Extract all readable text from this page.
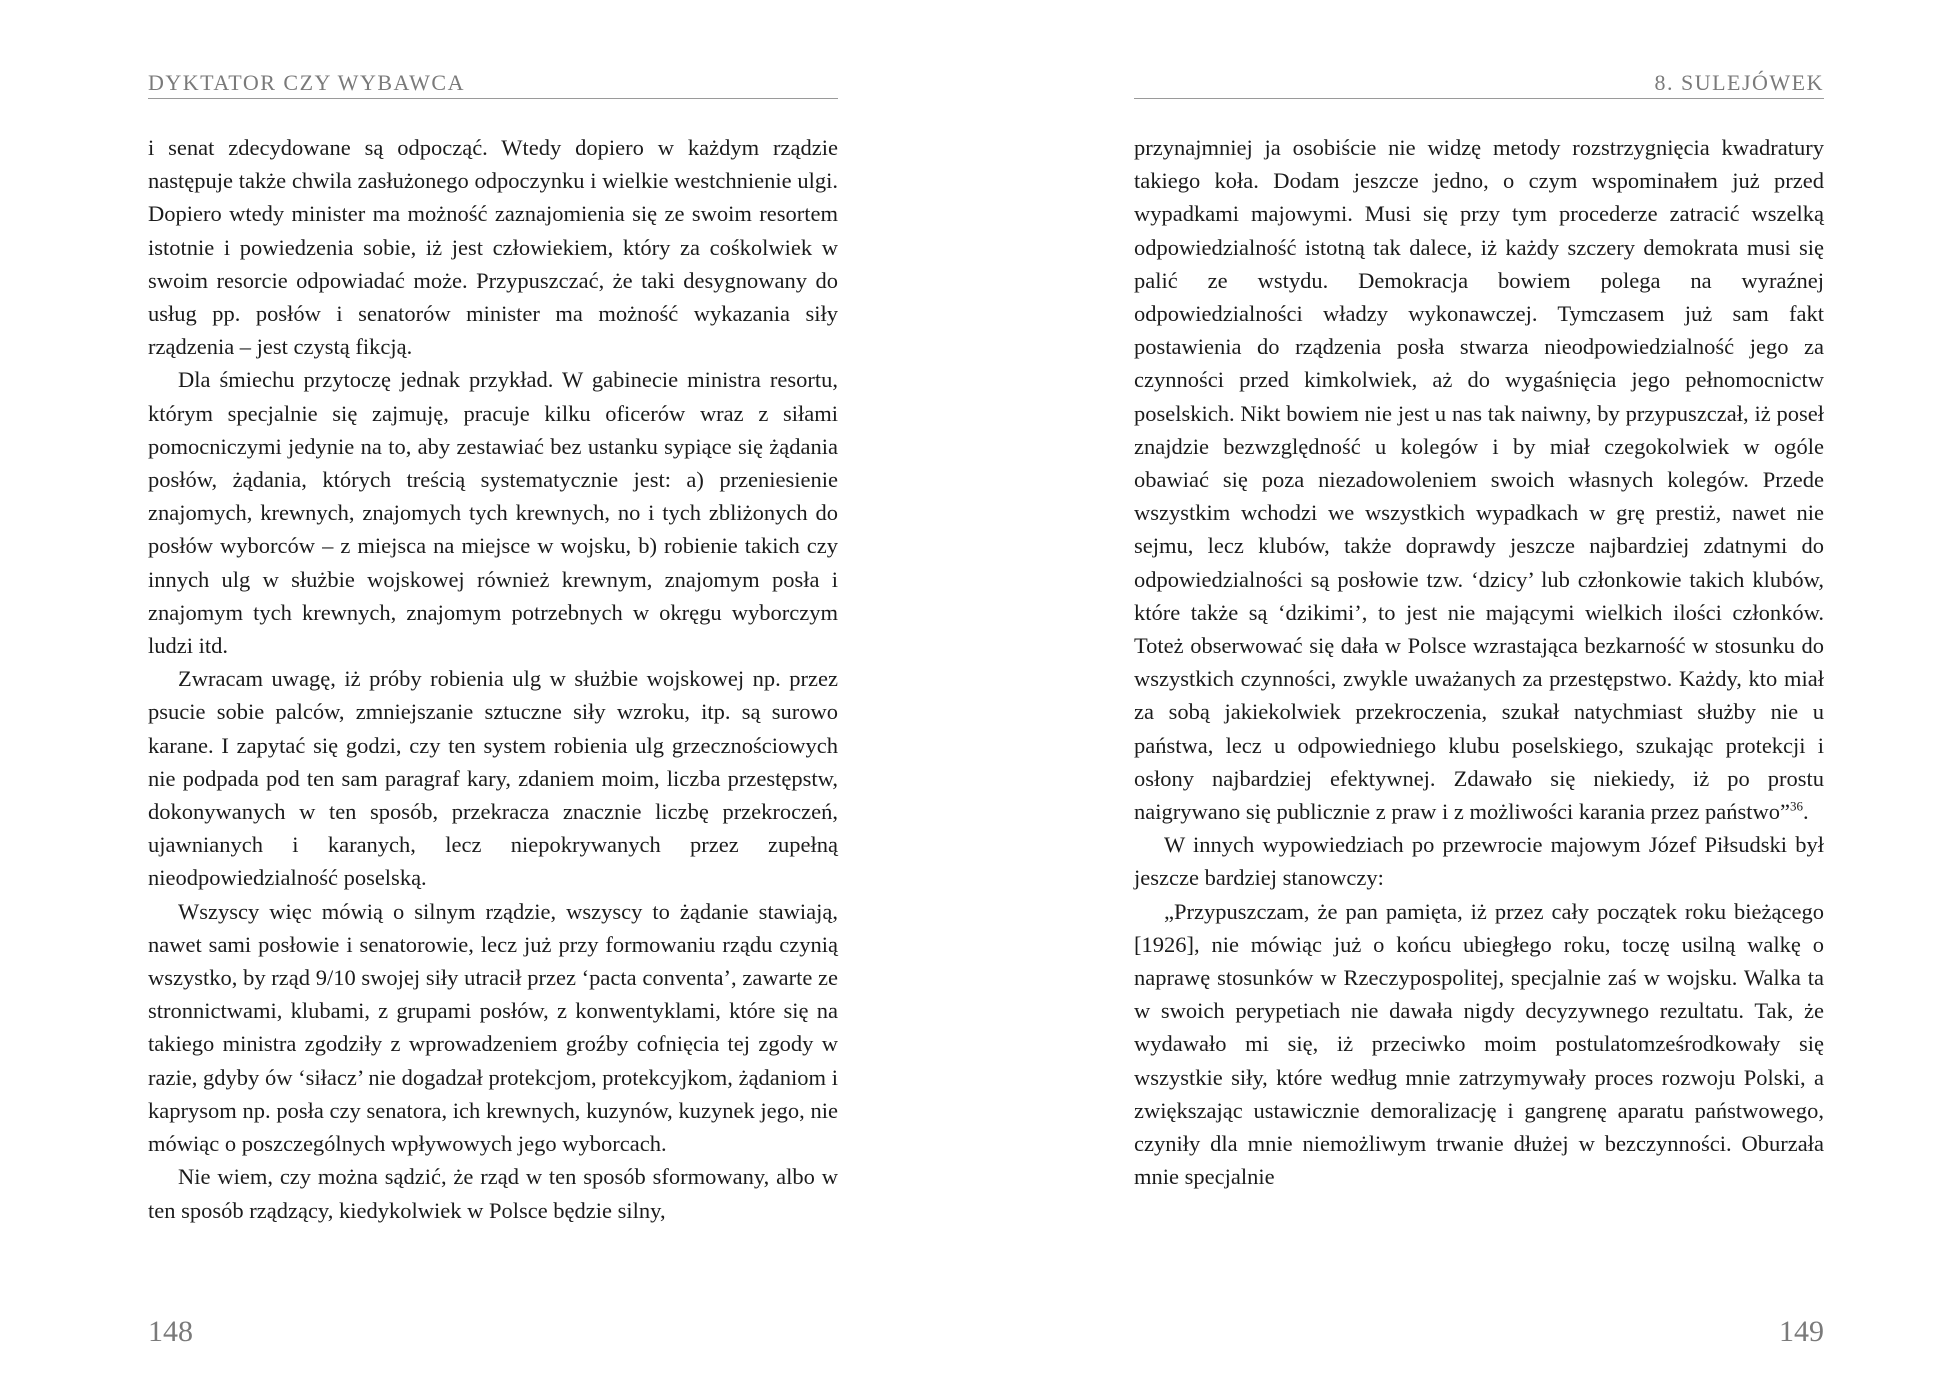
DYKTATOR CZY WYBAWCA

i senat zdecydowane są odpocząć. Wtedy dopiero w każdym rządzie następuje także chwila zasłużonego odpoczynku i wielkie westchnienie ulgi. Dopiero wtedy minister ma możność zaznajomienia się ze swoim resortem istotnie i powiedzenia sobie, iż jest człowiekiem, który za cośkolwiek w swoim resorcie odpowiadać może. Przypuszczać, że taki desygnowany do usług pp. posłów i senatorów minister ma możność wykazania siły rządzenia – jest czystą fikcją.

Dla śmiechu przytoczę jednak przykład. W gabinecie ministra resortu, którym specjalnie się zajmuję, pracuje kilku oficerów wraz z siłami pomocniczymi jedynie na to, aby zestawiać bez ustanku sypiące się żądania posłów, żądania, których treścią systematycznie jest: a) przeniesienie znajomych, krewnych, znajomych tych krewnych, no i tych zbliżonych do posłów wyborców – z miejsca na miejsce w wojsku, b) robienie takich czy innych ulg w służbie wojskowej również krewnym, znajomym posła i znajomym tych krewnych, znajomym potrzebnych w okręgu wyborczym ludzi itd.

Zwracam uwagę, iż próby robienia ulg w służbie wojskowej np. przez psucie sobie palców, zmniejszanie sztuczne siły wzroku, itp. są surowo karane. I zapytać się godzi, czy ten system robienia ulg grzecznościowych nie podpada pod ten sam paragraf kary, zdaniem moim, liczba przestępstw, dokonywanych w ten sposób, przekracza znacznie liczbę przekroczeń, ujawnianych i karanych, lecz niepokrywanych przez zupełną nieodpowiedzialność poselską.

Wszyscy więc mówią o silnym rządzie, wszyscy to żądanie stawiają, nawet sami posłowie i senatorowie, lecz już przy formowaniu rządu czynią wszystko, by rząd 9/10 swojej siły utracił przez ‘pacta conventa’, zawarte ze stronnictwami, klubami, z grupami posłów, z konwentyklami, które się na takiego ministra zgodziły z wprowadzeniem groźby cofnięcia tej zgody w razie, gdyby ów ‘siłacz’ nie dogadzał protekcjom, protekcyjkom, żądaniom i kaprysom np. posła czy senatora, ich krewnych, kuzynów, kuzynek jego, nie mówiąc o poszczególnych wpływowych jego wyborcach.

Nie wiem, czy można sądzić, że rząd w ten sposób sformowany, albo w ten sposób rządzący, kiedykolwiek w Polsce będzie silny,

148
8. SULEJÓWEK

przynajmniej ja osobiście nie widzę metody rozstrzygnięcia kwadratury takiego koła. Dodam jeszcze jedno, o czym wspominałem już przed wypadkami majowymi. Musi się przy tym procederze zatracić wszelką odpowiedzialność istotną tak dalece, iż każdy szczery demokrata musi się palić ze wstydu. Demokracja bowiem polega na wyraźnej odpowiedzialności władzy wykonawczej. Tymczasem już sam fakt postawienia do rządzenia posła stwarza nieodpowiedzialność jego za czynności przed kimkolwiek, aż do wygaśnięcia jego pełnomocnictw poselskich. Nikt bowiem nie jest u nas tak naiwny, by przypuszczał, iż poseł znajdzie bezwzględność u kolegów i by miał czegokolwiek w ogóle obawiać się poza niezadowoleniem swoich własnych kolegów. Przede wszystkim wchodzi we wszystkich wypadkach w grę prestiż, nawet nie sejmu, lecz klubów, także doprawdy jeszcze najbardziej zdatnymi do odpowiedzialności są posłowie tzw. ‘dzicy’ lub członkowie takich klubów, które także są ‘dzikimi’, to jest nie mającymi wielkich ilości członków. Toteż obserwować się dała w Polsce wzrastająca bezkarność w stosunku do wszystkich czynności, zwykle uważanych za przestępstwo. Każdy, kto miał za sobą jakiekolwiek przekroczenia, szukał natychmiast służby nie u państwa, lecz u odpowiedniego klubu poselskiego, szukając protekcji i osłony najbardziej efektywnej. Zdawało się niekiedy, iż po prostu naigrywano się publicznie z praw i z możliwości karania przez państwo”$^{36}$.

W innych wypowiedziach po przewrocie majowym Józef Piłsudski był jeszcze bardziej stanowczy:

„Przypuszczam, że pan pamięta, iż przez cały początek roku bieżącego [1926], nie mówiąc już o końcu ubiegłego roku, toczę usilną walkę o naprawę stosunków w Rzeczypospolitej, specjalnie zaś w wojsku. Walka ta w swoich perypetiach nie dawała nigdy decyzywnego rezultatu. Tak, że wydawało mi się, iż przeciwko moim postulatomześrodkowały się wszystkie siły, które według mnie zatrzymywały proces rozwoju Polski, a zwiększając ustawicznie demoralizację i gangrenę aparatu państwowego, czyniły dla mnie niemożliwym trwanie dłużej w bezczynności. Oburzała mnie specjalnie

149
